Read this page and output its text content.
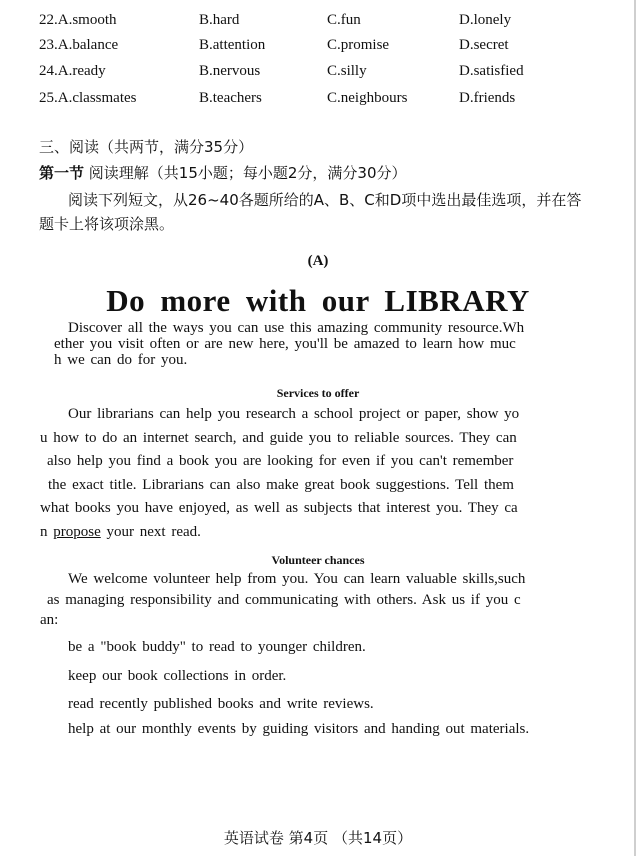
22.A.smooth	B.hard	C.fun	D.lonely
23.A.balance	B.attention	C.promise	D.secret
24.A.ready	B.nervous	C.silly	D.satisfied
25.A.classmates	B.teachers	C.neighbours	D.friends
三、阅读（共两节，满分35分）
第一节 阅读理解（共15小题；每小题2分，满分30分）
阅读下列短文，从26~40各题所给的A、B、C和D项中选出最佳选项，并在答
题卡上将该项涂黑。
(A)
Do more with our LIBRARY
Discover all the ways you can use this amazing community resource.Wh
ether you visit often or are new here, you'll be amazed to learn how muc
h we can do for you.
Services to offer
Our librarians can help you research a school project or paper, show yo
u how to do an internet search, and guide you to reliable sources. They can
also help you find a book you are looking for even if you can't remember
the exact title. Librarians can also make great book suggestions. Tell them
what books you have enjoyed, as well as subjects that interest you. They ca
n propose your next read.
Volunteer chances
We welcome volunteer help from you. You can learn valuable skills,such
as managing responsibility and communicating with others. Ask us if you c
an:
be a "book buddy" to read to younger children.
keep our book collections in order.
read recently published books and write reviews.
help at our monthly events by guiding visitors and handing out materials.
英语试卷 第4页 （共14页）
